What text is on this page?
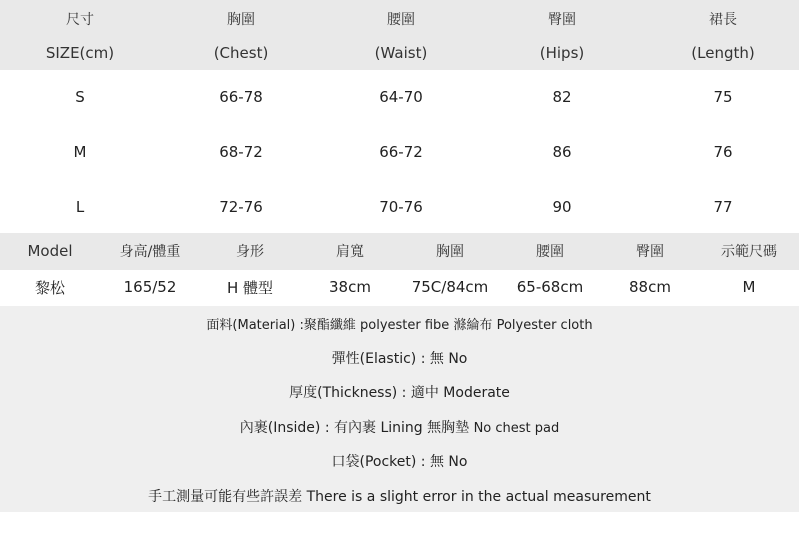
尺寸	胸圍	腰圍	臀圍	裙長
SIZE(cm)	(Chest)	(Waist)	(Hips)	(Length)
S	66-78	64-70	82	75
M	68-72	66-72	86	76
L	72-76	70-76	90	77
Model	身高/體重	身形	肩寬	胸圍	腰圍	臀圍	示範尺碼
黎松	165/52	H 體型	38cm	75C/84cm	65-68cm	88cm	M
面料(Material) :聚酯纖維 polyester fibe 滌綸布 Polyester cloth
彈性(Elastic) : 無 No
厚度(Thickness) : 適中 Moderate
內裹(Inside) : 有內裹 Lining 無胸墊 No chest pad
口袋(Pocket) : 無 No
手工測量可能有些許誤差 There is a slight error in the actual measurement
